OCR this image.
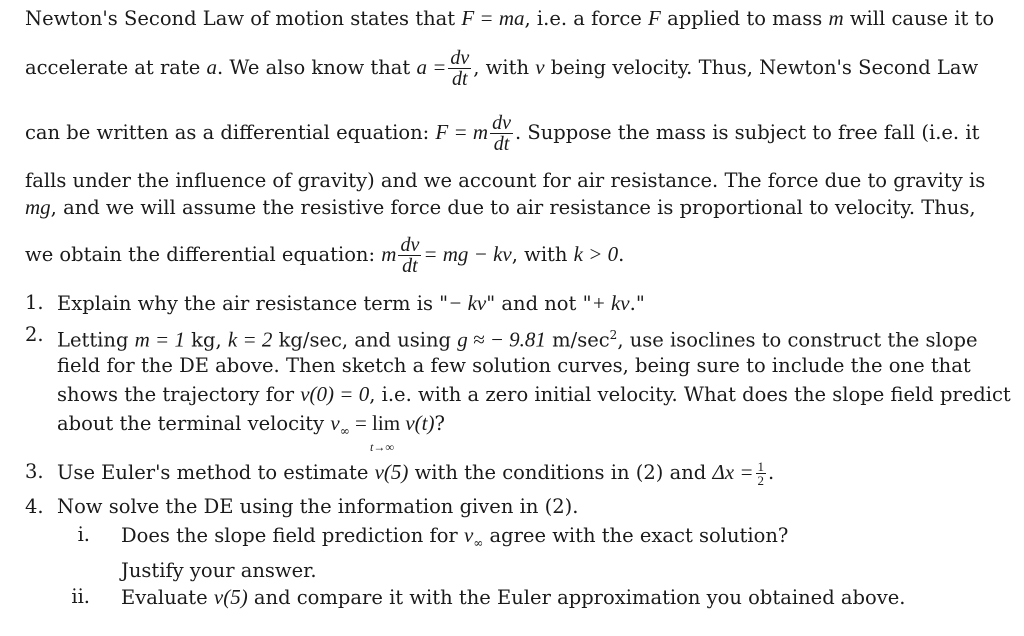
Newton's Second Law of motion states that F = ma, i.e. a force F applied to mass m will cause it to
accelerate at rate a. We also know that $a = \frac{dv}{dt}$ , with v being velocity. Thus, Newton's Second Law
can be written as a differential equation: F = m $\frac{dv}{dt}$ . Suppose the mass is subject to free fall (i.e. it
falls under the influence of gravity) and we account for air resistance. The force due to gravity is
mg, and we will assume the resistive force due to air resistance is proportional to velocity. Thus,
we obtain the differential equation: m $\frac{dv}{dt}$ = mg − kv, with k > 0.
1. Explain why the air resistance term is "− kv" and not "+ kv."
2. Letting m = 1 kg, k = 2 kg/sec, and using g ≈ − 9.81 $m/\sec^2$, use isoclines to construct the slope
field for the DE above. Then sketch a few solution curves, being sure to include the one that
shows the trajectory for v(0) = 0, i.e. with a zero initial velocity. What does the slope field predict
about the terminal velocity $v_\infty = \lim$
t→∞
v(t)?
3. Use Euler's method to estimate v(5) with the conditions in (2) and $\Delta x = \frac{1}{2}$ .
4. Now solve the DE using the information given in (2).
i. Does the slope field prediction for $v_\infty$ agree with the exact solution?
Justify your answer.
ii. Evaluate v(5) and compare it with the Euler approximation you obtained above.
